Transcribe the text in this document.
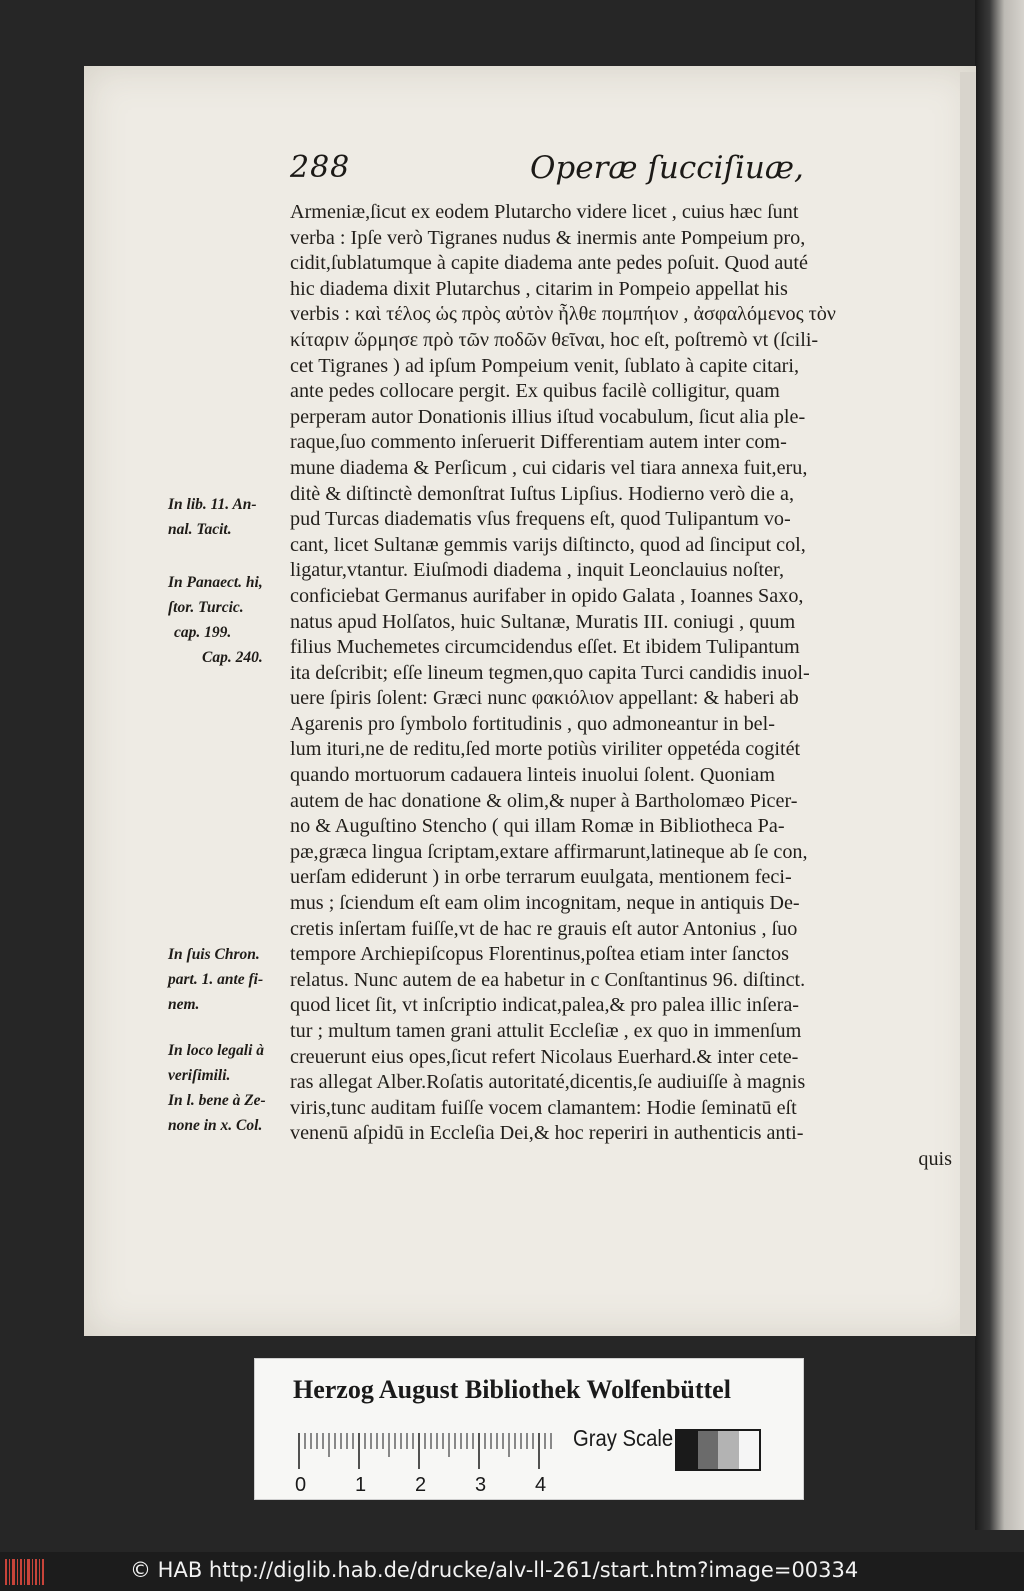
288	Operæ ſucciſiuæ,
Armeniæ,ſicut ex eodem Plutarcho videre licet , cuius hæc ſunt
verba : Ipſe verò Tigranes nudus & inermis ante Pompeium pro,
cidit,ſublatumque à capite diadema ante pedes poſuit. Quod auté
hic diadema dixit Plutarchus , citarim in Pompeio appellat his
verbis : καὶ τέλος ὡς πρὸς αὐτὸν ἦλθε πομπήιον , ἀσφαλόμενος τὸν
κίταριν ὥρμησε πρὸ τῶν ποδῶν θεῖναι, hoc eſt, poſtremò vt (ſcili-
cet Tigranes ) ad ipſum Pompeium venit, ſublato à capite citari,
ante pedes collocare pergit. Ex quibus facilè colligitur, quam
perperam autor Donationis illius iſtud vocabulum, ſicut alia ple-
raque,ſuo commento inſeruerit Differentiam autem inter com-
mune diadema & Perſicum , cui cidaris vel tiara annexa fuit,eru,
ditè & diſtinctè demonſtrat Iuſtus Lipſius. Hodierno verò die a,
pud Turcas diadematis vſus frequens eſt, quod Tulipantum vo-
cant, licet Sultanæ gemmis varijs diſtincto, quod ad ſinciput col,
ligatur,vtantur. Eiuſmodi diadema , inquit Leonclauius noſter,
conficiebat Germanus aurifaber in opido Galata , Ioannes Saxo,
natus apud Holſatos, huic Sultanæ, Muratis III. coniugi , quum
filius Muchemetes circumcidendus eſſet. Et ibidem Tulipantum
ita deſcribit; eſſe lineum tegmen,quo capita Turci candidis inuol-
uere ſpiris ſolent: Græci nunc φακιόλιον appellant: & haberi ab
Agarenis pro ſymbolo fortitudinis , quo admoneantur in bel-
lum ituri,ne de reditu,ſed morte potiùs viriliter oppetéda cogitét
quando mortuorum cadauera linteis inuolui ſolent. Quoniam
autem de hac donatione & olim,& nuper à Bartholomæo Picer-
no & Auguſtino Stencho ( qui illam Romæ in Bibliotheca Pa-
pæ,græca lingua ſcriptam,extare affirmarunt,latineque ab ſe con,
uerſam ediderunt ) in orbe terrarum euulgata, mentionem feci-
mus ; ſciendum eſt eam olim incognitam, neque in antiquis De-
cretis inſertam fuiſſe,vt de hac re grauis eſt autor Antonius , ſuo
tempore Archiepiſcopus Florentinus,poſtea etiam inter ſanctos
relatus. Nunc autem de ea habetur in c Conſtantinus 96. diſtinct.
quod licet ſit, vt inſcriptio indicat,palea,& pro palea illic inſera-
tur ; multum tamen grani attulit Eccleſiæ , ex quo in immenſum
creuerunt eius opes,ſicut refert Nicolaus Euerhard.& inter cete-
ras allegat Alber.Roſatis autoritaté,dicentis,ſe audiuiſſe à magnis
viris,tunc auditam fuiſſe vocem clamantem: Hodie ſeminatū eſt
venenū aſpidū in Eccleſia Dei,& hoc reperiri in authenticis anti-
quis
In lib. 11. An-
nal. Tacit.
In Panaect. hi,
ſtor. Turcic.
cap. 199.
Cap. 240.
In ſuis Chron.
part. 1. ante fi-
nem.
In loco legali à
veriſimili.
In l. bene à Ze-
none in x. Col.
Herzog August Bibliothek Wolfenbüttel
0 1 2 3 4
Gray Scale
© HAB http://diglib.hab.de/drucke/alv-ll-261/start.htm?image=00334
